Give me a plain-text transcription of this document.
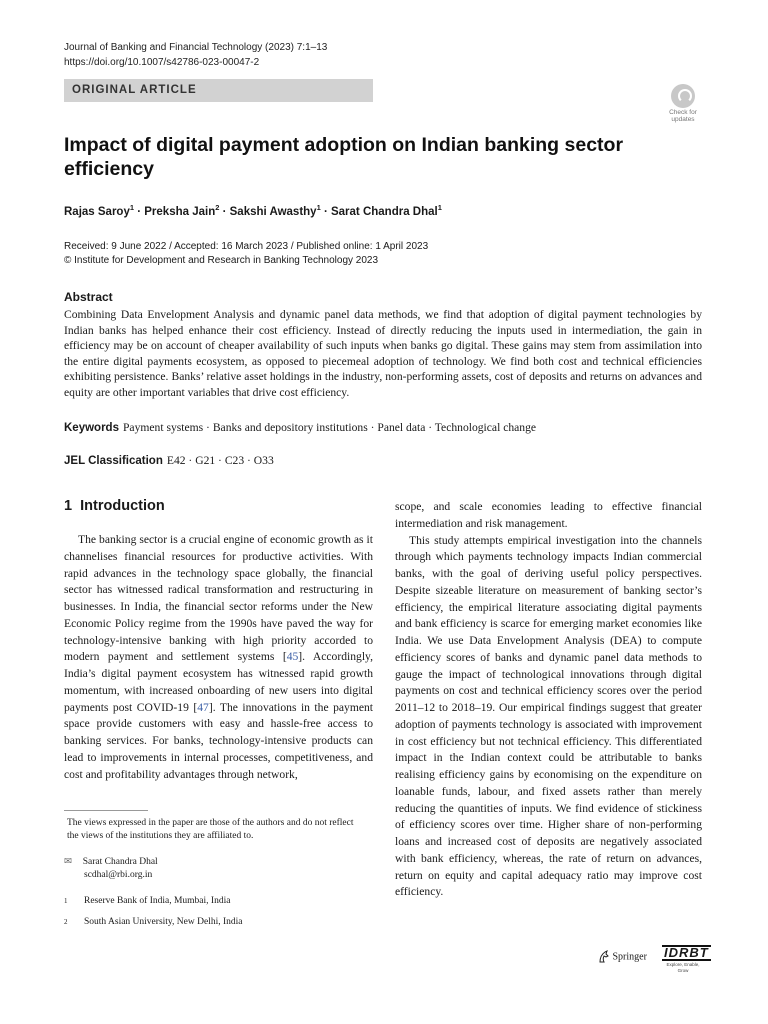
Journal of Banking and Financial Technology (2023) 7:1–13
https://doi.org/10.1007/s42786-023-00047-2
ORIGINAL ARTICLE
Check for
updates
Impact of digital payment adoption on Indian banking sector efficiency
Rajas Saroy$^1$ · Preksha Jain$^2$ · Sakshi Awasthy$^1$ · Sarat Chandra Dhal$^1$
Received: 9 June 2022 / Accepted: 16 March 2023 / Published online: 1 April 2023
© Institute for Development and Research in Banking Technology 2023
Abstract
Combining Data Envelopment Analysis and dynamic panel data methods, we find that adoption of digital payment technologies by Indian banks has helped enhance their cost efficiency. Instead of directly reducing the inputs used in intermediation, the gain in efficiency may be on account of cheaper availability of such inputs when banks go digital. These gains may stem from assimilation into the entire digital payments ecosystem, as opposed to piecemeal adoption of technology. We find both cost and technical efficiencies exhibiting persistence. Banks’ relative asset holdings in the industry, non-performing assets, cost of deposits and returns on advances and equity are other important variables that drive cost efficiency.
Keywords Payment systems · Banks and depository institutions · Panel data · Technological change
JEL Classification E42 · G21 · C23 · O33
1 Introduction

The banking sector is a crucial engine of economic growth as it channelises financial resources for productive activities. With rapid advances in the technology space globally, the financial sector has witnessed radical transformation and restructuring in businesses. In India, the financial sector reforms under the New Economic Policy regime from the 1990s have paved the way for technology-intensive banking with high priority accorded to modern payment and settlement systems [45]. Accordingly, India’s digital payment ecosystem has witnessed rapid growth momentum, with increased onboarding of new users into digital payments post COVID-19 [47]. The innovations in the payment space provide customers with easy and hassle-free access to banking services. For banks, technology-intensive products can lead to improvements in internal processes, competitiveness, and cost and profitability advantages through network,

scope, and scale economies leading to effective financial intermediation and risk management.

This study attempts empirical investigation into the channels through which payments technology impacts Indian commercial banks, with the goal of deriving useful policy perspectives. Despite sizeable literature on measurement of banking sector’s efficiency, the empirical literature associating digital payments and bank efficiency is scarce for emerging market economies like India. We use Data Envelopment Analysis (DEA) to compute efficiency scores of banks and dynamic panel data methods to gauge the impact of technological innovations through digital payments on cost and technical efficiency scores over the period 2011–12 to 2018–19. Our empirical findings suggest that greater adoption of payments technology is associated with improvement in cost efficiency but not technical efficiency. This differentiated impact in the Indian context could be attributable to banks realising efficiency gains by economising on the expenditure on loanable funds, labour, and fixed assets rather than merely reducing the quantities of inputs. We find evidence of stickiness of efficiency scores over time. Higher share of non-performing loans and increased cost of deposits are negatively associated with bank efficiency, whereas, the rate of return on advances, return on equity and capital adequacy ratio may improve cost efficiency.

The views expressed in the paper are those of the authors and do not reflect the views of the institutions they are affiliated to.
✉ Sarat Chandra Dhal
scdhal@rbi.org.in
$^1$ Reserve Bank of India, Mumbai, India
$^2$ South Asian University, New Delhi, India
Springer IDRBT
Explore, Enable, Grow
